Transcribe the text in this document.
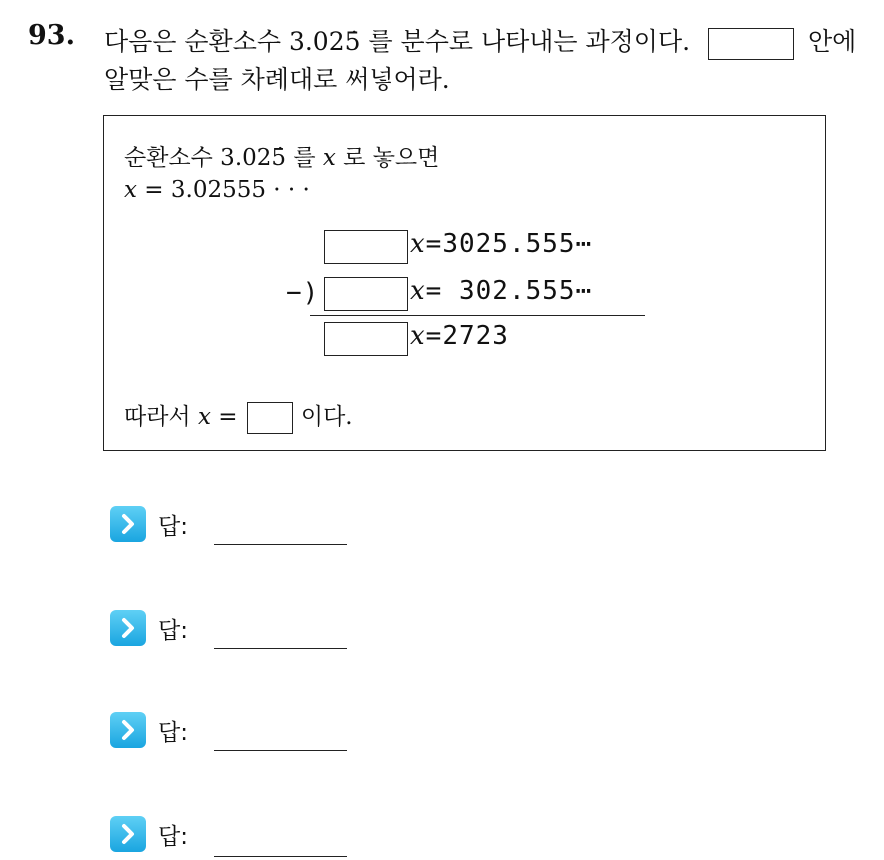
93. 다음은 순환소수 3.025̇ 를 분수로 나타내는 과정이다.	안에
알맞은 수를 차례대로 써넣어라.
순환소수 3.025̇ 를 x 로 놓으면
x = 3.02555 · · ·
x=3025.555⋯
−)	x= 302.555⋯
x=2723
따라서 x = 이다.
답:
답:
답:
답:
